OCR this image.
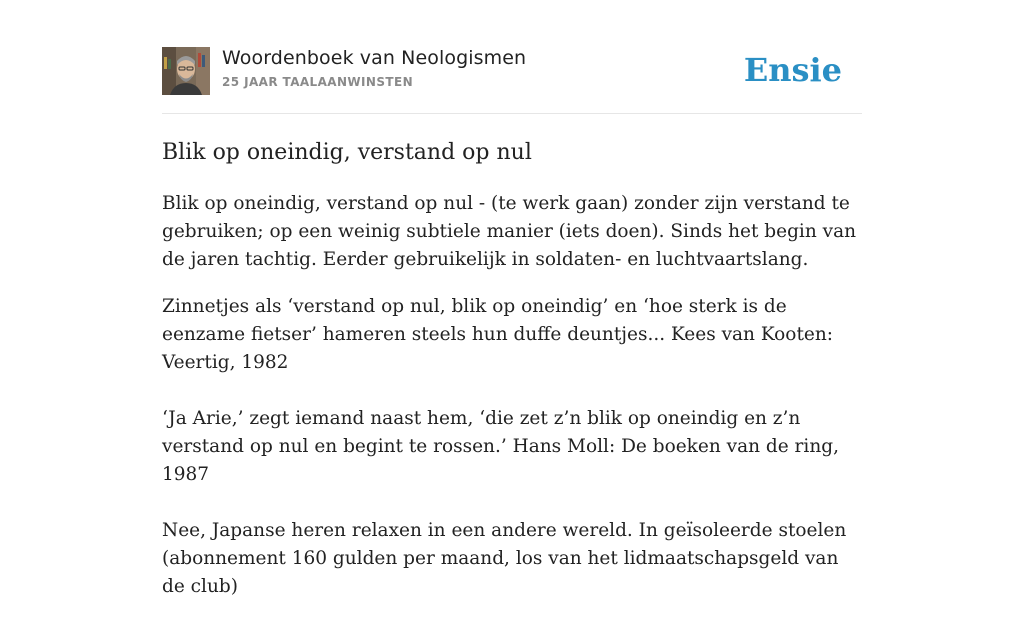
Woordenboek van Neologismen
25 JAAR TAALAANWINSTEN	Ensie
Blik op oneindig, verstand op nul

Blik op oneindig, verstand op nul - (te werk gaan) zonder zijn verstand te gebruiken; op een weinig subtiele manier (iets doen). Sinds het begin van de jaren tachtig. Eerder gebruikelijk in soldaten- en luchtvaartslang.

Zinnetjes als ‘verstand op nul, blik op oneindig’ en ‘hoe sterk is de eenzame fietser’ hameren steels hun duffe deuntjes... Kees van Kooten: Veertig, 1982

‘Ja Arie,’ zegt iemand naast hem, ‘die zet z’n blik op oneindig en z’n verstand op nul en begint te rossen.’ Hans Moll: De boeken van de ring, 1987

Nee, Japanse heren relaxen in een andere wereld. In geïsoleerde stoelen (abonnement 160 gulden per maand, los van het lidmaatschapsgeld van de club)
